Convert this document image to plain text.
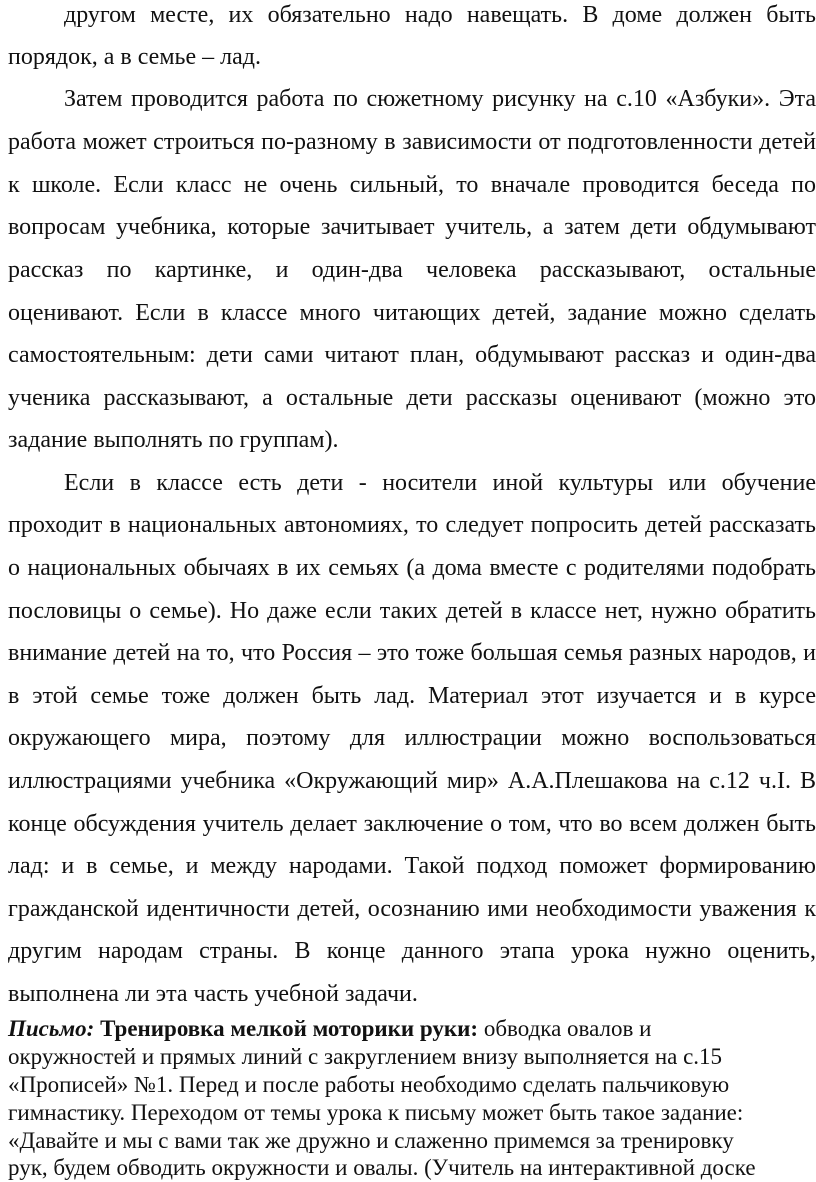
другом месте, их обязательно надо навещать. В доме должен быть
порядок, а в семье – лад.
Затем проводится работа по сюжетному рисунку на с.10 «Азбуки». Эта
работа может строиться по-разному в зависимости от подготовленности детей
к школе. Если класс не очень сильный, то вначале проводится беседа по
вопросам учебника, которые зачитывает учитель, а затем дети обдумывают
рассказ по картинке, и один-два человека рассказывают, остальные
оценивают. Если в классе много читающих детей, задание можно сделать
самостоятельным: дети сами читают план, обдумывают рассказ и один-два
ученика рассказывают, а остальные дети рассказы оценивают (можно это
задание выполнять по группам).
Если в классе есть дети - носители иной культуры или обучение
проходит в национальных автономиях, то следует попросить детей рассказать
о национальных обычаях в их семьях (а дома вместе с родителями подобрать
пословицы о семье). Но даже если таких детей в классе нет, нужно обратить
внимание детей на то, что Россия – это тоже большая семья разных народов, и
в этой семье тоже должен быть лад. Материал этот изучается и в курсе
окружающего мира, поэтому для иллюстрации можно воспользоваться
иллюстрациями учебника «Окружающий мир» А.А.Плешакова на с.12 ч.I. В
конце обсуждения учитель делает заключение о том, что во всем должен быть
лад: и в семье, и между народами. Такой подход поможет формированию
гражданской идентичности детей, осознанию ими необходимости уважения к
другим народам страны. В конце данного этапа урока нужно оценить,
выполнена ли эта часть учебной задачи.
Письмо: Тренировка мелкой моторики руки: обводка овалов и
окружностей и прямых линий с закруглением внизу выполняется на с.15
«Прописей» №1. Перед и после работы необходимо сделать пальчиковую
гимнастику. Переходом от темы урока к письму может быть такое задание:
«Давайте и мы с вами так же дружно и слаженно примемся за тренировку
рук, будем обводить окружности и овалы. (Учитель на интерактивной доске
